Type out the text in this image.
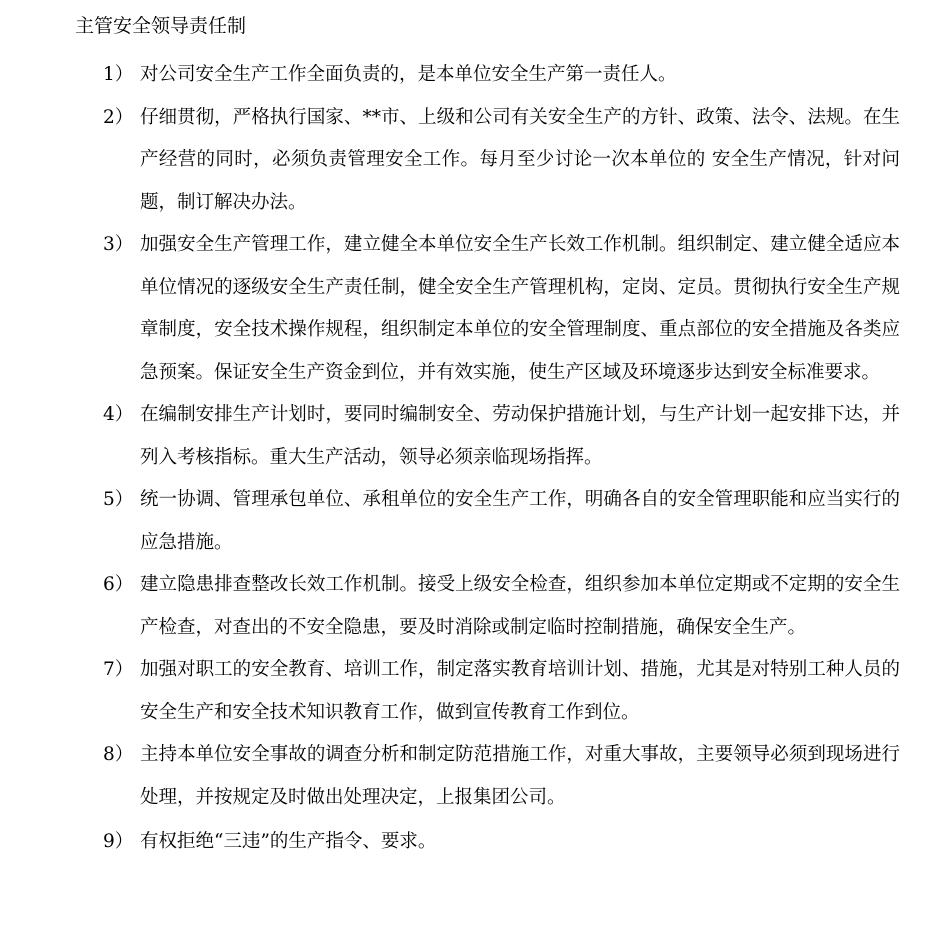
主管安全领导责任制
1） 对公司安全生产工作全面负责的，是本单位安全生产第一责任人。
2） 仔细贯彻，严格执行国家、**市、上级和公司有关安全生产的方针、政策、法令、法规。在生产经营的同时，必须负责管理安全工作。每月至少讨论一次本单位的 安全生产情况，针对问题，制订解决办法。
3） 加强安全生产管理工作，建立健全本单位安全生产长效工作机制。组织制定、建立健全适应本单位情况的逐级安全生产责任制，健全安全生产管理机构，定岗、定员。贯彻执行安全生产规章制度，安全技术操作规程，组织制定本单位的安全管理制度、重点部位的安全措施及各类应急预案。保证安全生产资金到位，并有效实施，使生产区域及环境逐步达到安全标准要求。
4） 在编制安排生产计划时，要同时编制安全、劳动保护措施计划，与生产计划一起安排下达，并列入考核指标。重大生产活动，领导必须亲临现场指挥。
5） 统一协调、管理承包单位、承租单位的安全生产工作，明确各自的安全管理职能和应当实行的应急措施。
6） 建立隐患排查整改长效工作机制。接受上级安全检查，组织参加本单位定期或不定期的安全生产检查，对查出的不安全隐患，要及时消除或制定临时控制措施，确保安全生产。
7） 加强对职工的安全教育、培训工作，制定落实教育培训计划、措施，尤其是对特别工种人员的安全生产和安全技术知识教育工作，做到宣传教育工作到位。
8） 主持本单位安全事故的调查分析和制定防范措施工作，对重大事故，主要领导必须到现场进行处理，并按规定及时做出处理决定，上报集团公司。
9） 有权拒绝“三违”的生产指令、要求。
